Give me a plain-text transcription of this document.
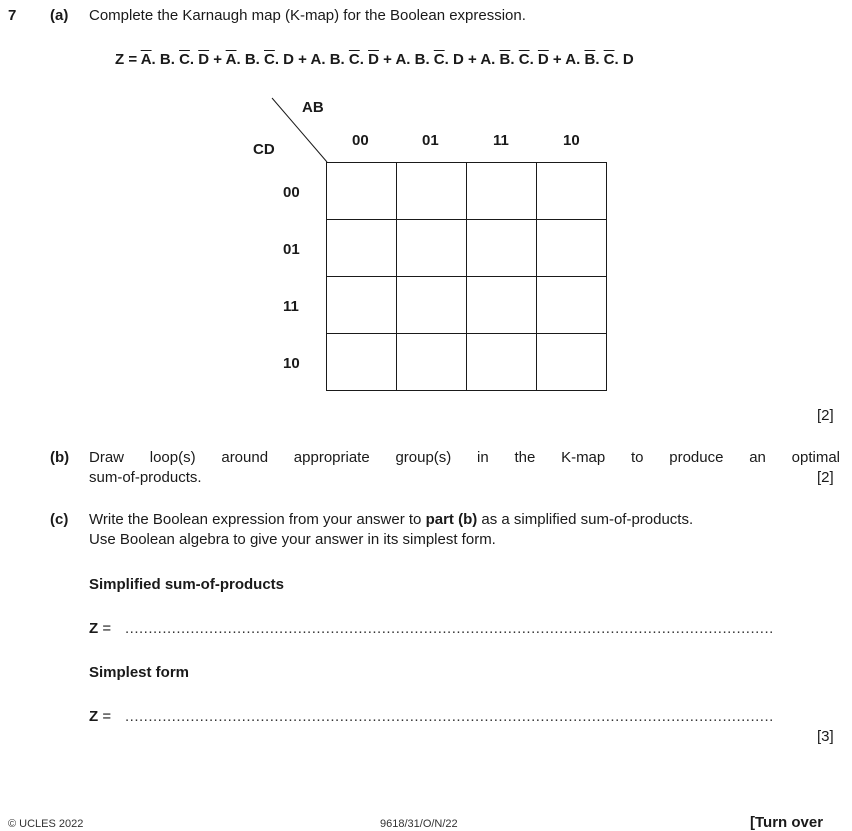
7 (a) Complete the Karnaugh map (K-map) for the Boolean expression.
$Z = \overline{A}$. B. $\overline{C}$. $\overline{D} + \overline{A}$. B. $\overline{C}$. D + A. B. $\overline{C}$. $\overline{D} + A$. B. $\overline{C}$. D + A. $\overline{B}$. $\overline{C}$. $\overline{D} + A$. $\overline{B}$. $\overline{C}$. D
AB
CD
00	01	11	10
00
01
11
10

[2]
(b) Draw loop(s) around appropriate group(s) in the K-map to produce an optimal
sum-of-products.	[2]
(c) Write the Boolean expression from your answer to part (b) as a simplified sum-of-products.
Use Boolean algebra to give your answer in its simplest form.
Simplified sum-of-products
Z = ...........................................................................................................................................
Simplest form
Z = ...........................................................................................................................................
[3]
© UCLES 2022	9618/31/O/N/22	[Turn over
